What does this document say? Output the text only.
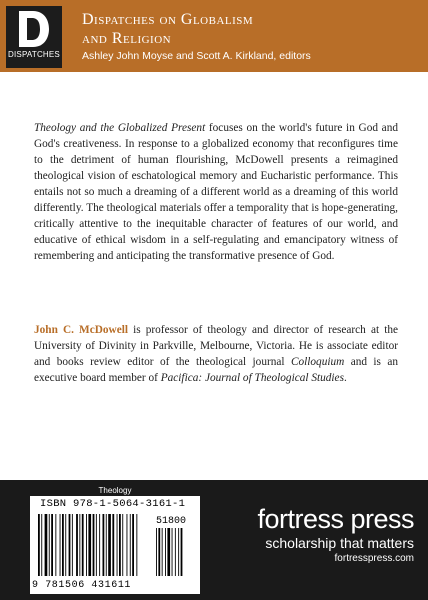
DISPATCHES
Dispatches on Globalism
and Religion
Ashley John Moyse and Scott A. Kirkland, editors
Theology and the Globalized Present focuses on the world's future in God and God's creativeness. In response to a globalized economy that reconfigures time to the detriment of human flourishing, McDowell presents a reimagined theological vision of eschatological memory and Eucharistic performance. This entails not so much a dreaming of a different world as a dreaming of this world differently. The theological materials offer a temporality that is hope-generating, critically attentive to the inequitable character of features of our world, and educative of ethical wisdom in a self-regulating and emancipatory witness of remembering and anticipating the transformative presence of God.
John C. McDowell is professor of theology and director of research at the University of Divinity in Parkville, Melbourne, Victoria. He is associate editor and books review editor of the theological journal Colloquium and is an executive board member of Pacifica: Journal of Theological Studies.
Theology
ISBN 978-1-5064-3161-1
51800
9 781506 431611
fortress press
scholarship that matters
fortresspress.com
